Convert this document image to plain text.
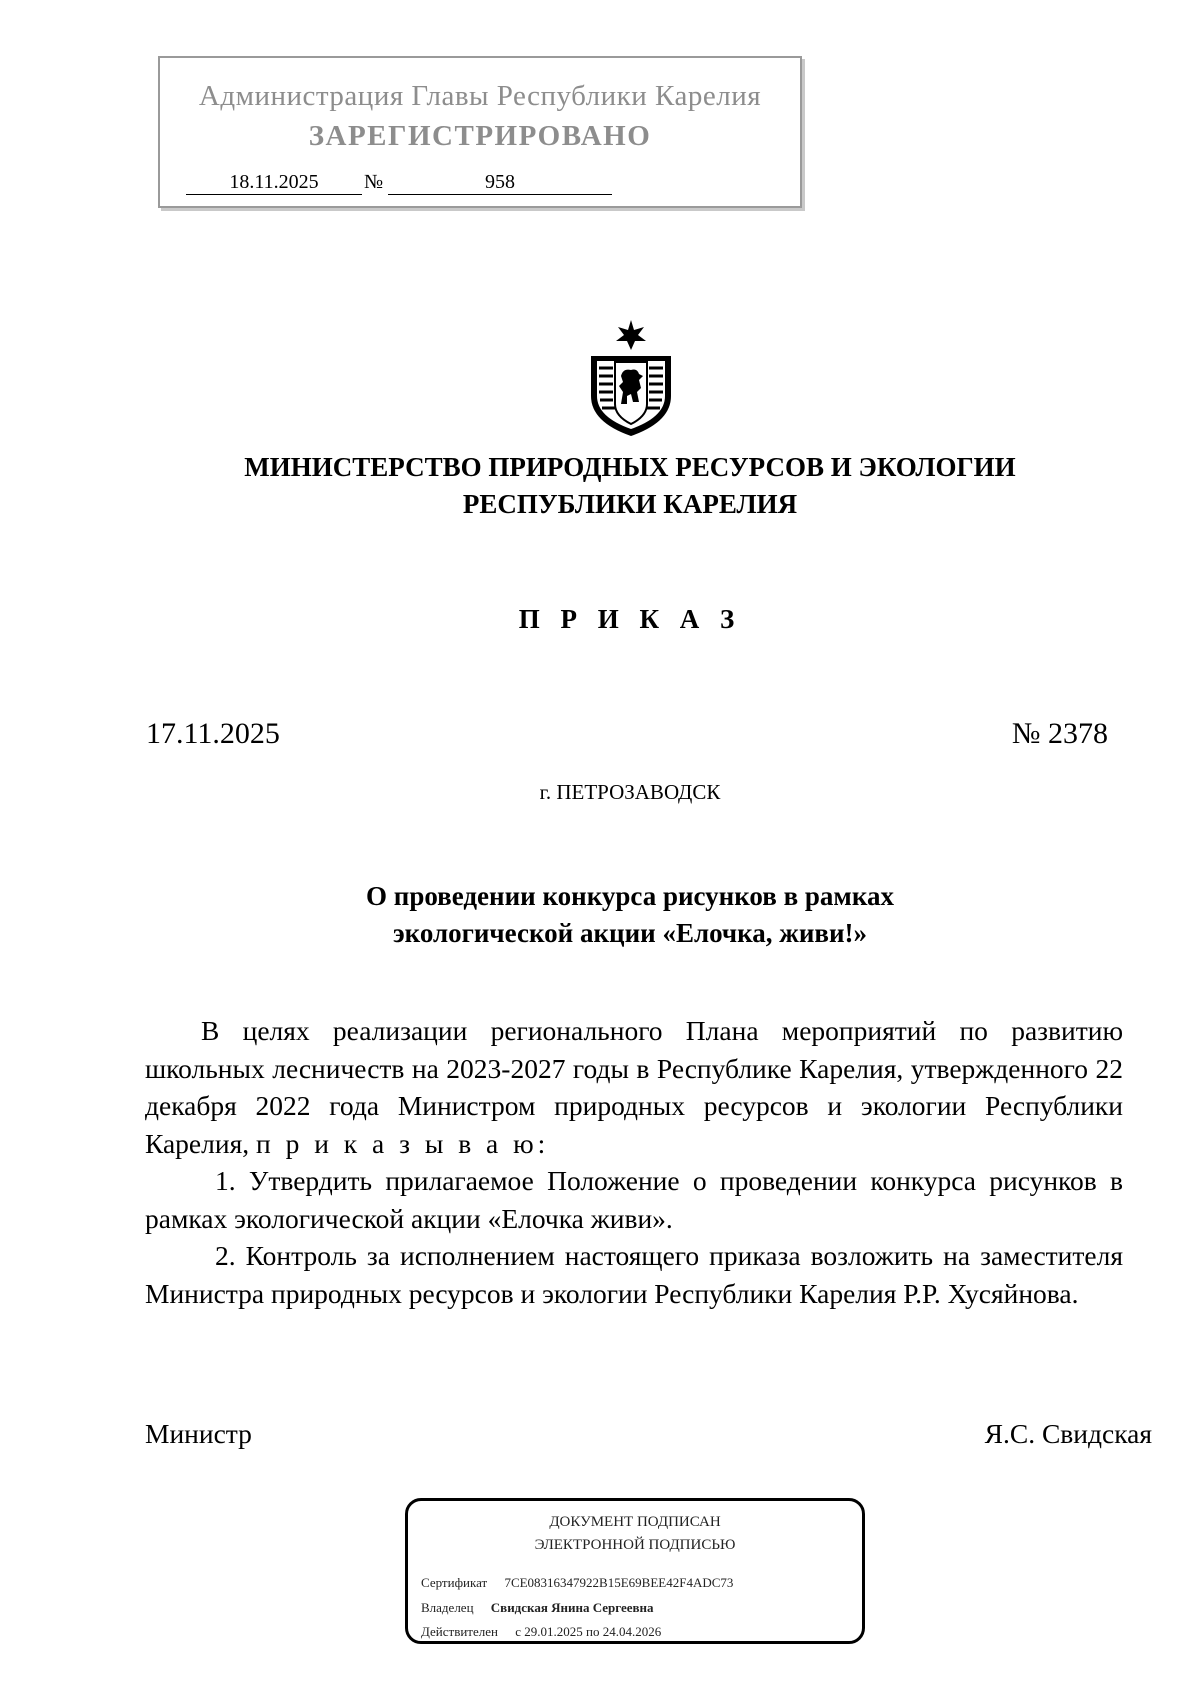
Администрация Главы Республики Карелия
ЗАРЕГИСТРИРОВАНО
18.11.2025	№	958
МИНИСТЕРСТВО ПРИРОДНЫХ РЕСУРСОВ И ЭКОЛОГИИ
РЕСПУБЛИКИ КАРЕЛИЯ
П Р И К А З
17.11.2025	№ 2378
г. ПЕТРОЗАВОДСК
О проведении конкурса рисунков в рамках
экологической акции «Елочка, живи!»

В целях реализации регионального Плана мероприятий по развитию школьных лесничеств на 2023-2027 годы в Республике Карелия, утвержденного 22 декабря 2022 года Министром природных ресурсов и экологии Республики Карелия, п р и к а з ы в а ю:

1. Утвердить прилагаемое Положение о проведении конкурса рисунков в рамках экологической акции «Елочка живи».

2. Контроль за исполнением настоящего приказа возложить на заместителя Министра природных ресурсов и экологии Республики Карелия Р.Р. Хусяйнова.

Министр	Я.С. Свидская
ДОКУМЕНТ ПОДПИСАН
ЭЛЕКТРОННОЙ ПОДПИСЬЮ
Сертификат 7CE08316347922B15E69BEE42F4ADC73
Владелец Свидская Янина Сергеевна
Действителен с 29.01.2025 по 24.04.2026
